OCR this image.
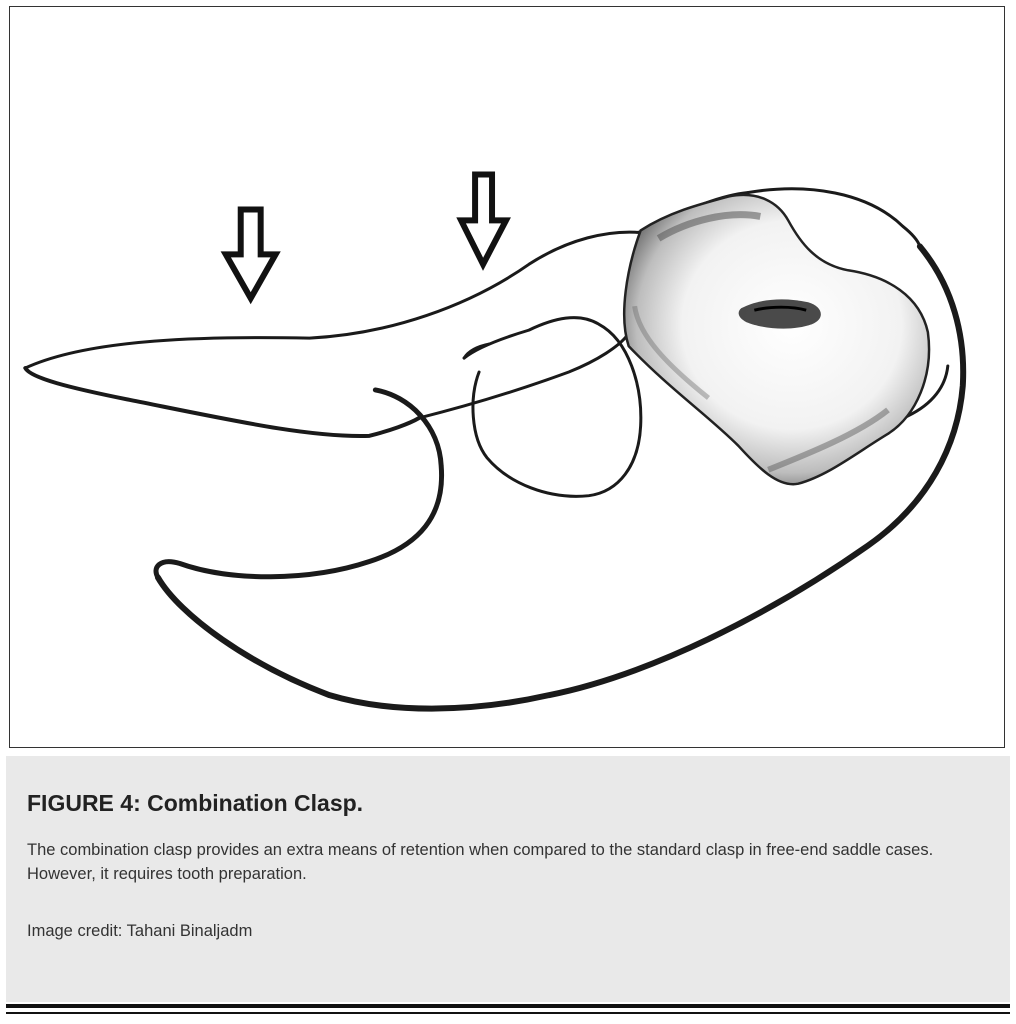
FIGURE 4: Combination Clasp.

The combination clasp provides an extra means of retention when compared to the standard clasp in free-end saddle cases. However, it requires tooth preparation.

Image credit: Tahani Binaljadm
